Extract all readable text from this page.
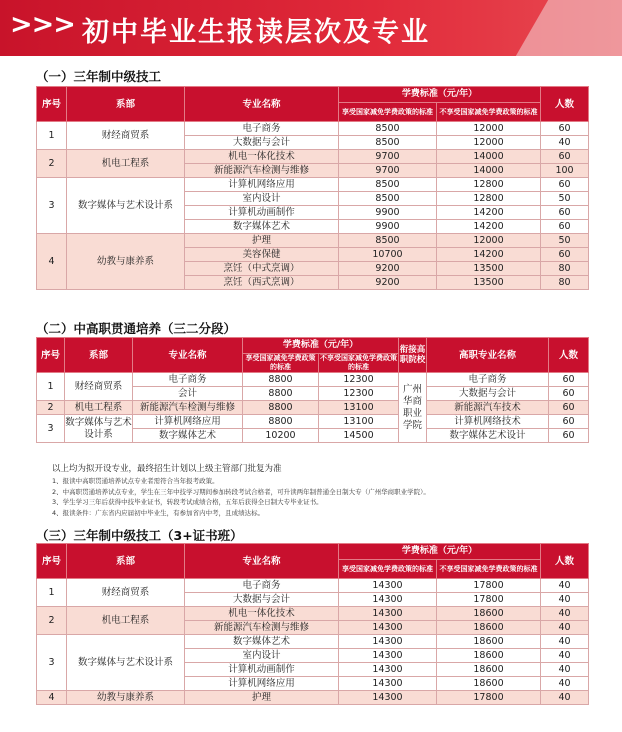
>>> 初中毕业生报读层次及专业
（一）三年制中级技工
序号	系部	专业名称	学费标准（元/年）		人数
			享受国家减免学费政策的标准	不享受国家减免学费政策的标准	
1	财经商贸系	电子商务	8500	12000	60
		大数据与会计	8500	12000	40
2	机电工程系	机电一体化技术	9700	14000	60
		新能源汽车检测与维修	9700	14000	100
3	数字媒体与艺术设计系	计算机网络应用	8500	12800	60
		室内设计	8500	12800	50
		计算机动画制作	9900	14200	60
		数字媒体艺术	9900	14200	60
4	幼教与康养系	护理	8500	12000	50
		美容保健	10700	14200	60
		烹饪（中式烹调）	9200	13500	80
		烹饪（西式烹调）	9200	13500	80
（二）中高职贯通培养（三二分段）
序号	系部	专业名称	学费标准（元/年）		衔接高职院校	高职专业名称	人数
			享受国家减免学费政策的标准	不享受国家减免学费政策的标准			
1	财经商贸系	电子商务	8800	12300	广州华商职业学院	电子商务	60
		会计	8800	12300		大数据与会计	60
2	机电工程系	新能源汽车检测与维修	8800	13100		新能源汽车技术	60
3	数字媒体与艺术设计系	计算机网络应用	8800	13100		计算机网络技术	60
		数字媒体艺术	10200	14500		数字媒体艺术设计	60
以上均为拟开设专业，最终招生计划以上级主管部门批复为准
1、报读中高职贯通培养试点专业者需符合当年报考政策。
2、中高职贯通培养试点专业，学生在三年中技学习期间参加转段考试合格者，可升读两年制普通全日制大专（广州华商职业学院）。
3、学生学习三年后获得中技毕业证书，转段考试成绩合格，五年后获得全日制大专毕业证书。
4、报读条件：广东省内应届初中毕业生，有参加省内中考，且成绩达标。
（三）三年制中级技工（3+证书班）
序号	系部	专业名称	学费标准（元/年）		人数
			享受国家减免学费政策的标准	不享受国家减免学费政策的标准	
1	财经商贸系	电子商务	14300	17800	40
		大数据与会计	14300	17800	40
2	机电工程系	机电一体化技术	14300	18600	40
		新能源汽车检测与维修	14300	18600	40
3	数字媒体与艺术设计系	数字媒体艺术	14300	18600	40
		室内设计	14300	18600	40
		计算机动画制作	14300	18600	40
		计算机网络应用	14300	18600	40
4	幼教与康养系	护理	14300	17800	40
